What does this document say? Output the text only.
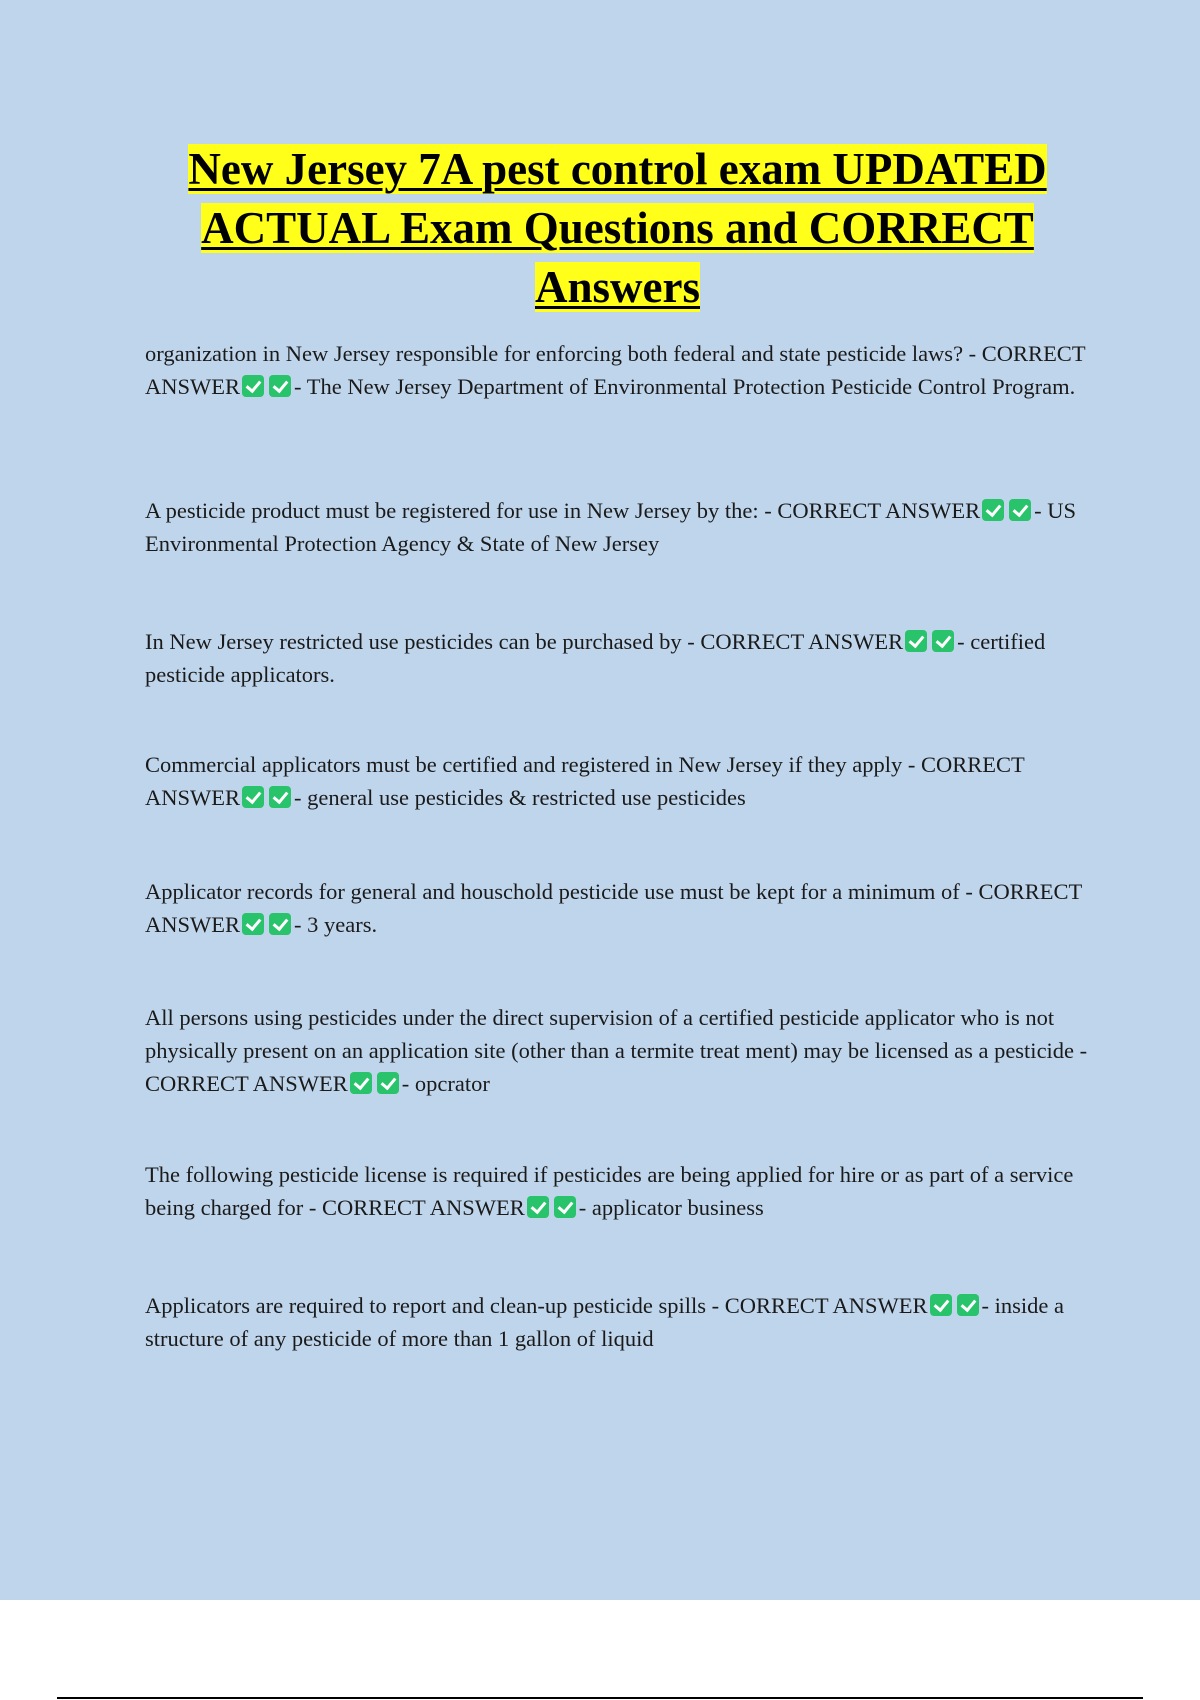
New Jersey 7A pest control exam UPDATED
ACTUAL Exam Questions and CORRECT
Answers
organization in New Jersey responsible for enforcing both federal and state pesticide laws? - CORRECT ANSWER - The New Jersey Department of Environmental Protection Pesticide Control Program.
A pesticide product must be registered for use in New Jersey by the: - CORRECT ANSWER - US Environmental Protection Agency & State of New Jersey
In New Jersey restricted use pesticides can be purchased by - CORRECT ANSWER - certified pesticide applicators.
Commercial applicators must be certified and registered in New Jersey if they apply - CORRECT ANSWER - general use pesticides & restricted use pesticides
Applicator records for general and houschold pesticide use must be kept for a minimum of - CORRECT ANSWER - 3 years.
All persons using pesticides under the direct supervision of a certified pesticide applicator who is not physically present on an application site (other than a termite treat ment) may be licensed as a pesticide - CORRECT ANSWER - opcrator
The following pesticide license is required if pesticides are being applied for hire or as part of a service being charged for - CORRECT ANSWER - applicator business
Applicators are required to report and clean-up pesticide spills - CORRECT ANSWER - inside a structure of any pesticide of more than 1 gallon of liquid
